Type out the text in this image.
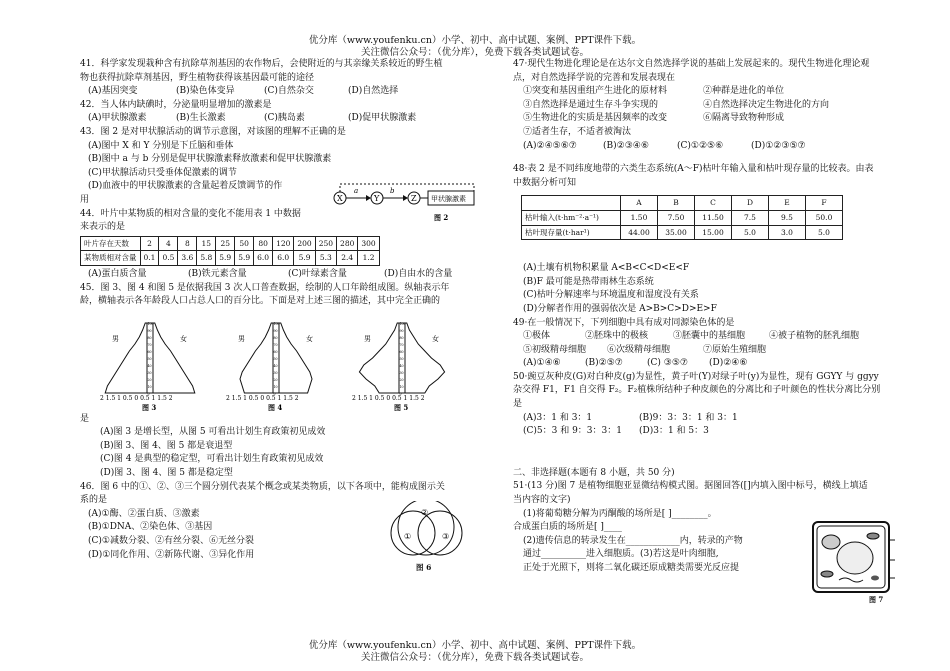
优分库（www.youfenku.cn）小学、初中、高中试题、案例、PPT课件下载。
关注微信公众号：（优分库），免费下载各类试题试卷。
41．科学家发现栽种含有抗除草剂基因的农作物后，会使附近的与其亲缘关系较近的野生植
物也获得抗除草剂基因，野生植物获得该基因最可能的途径
(A)基因突变	(B)染色体变异	(C)自然杂交	(D)自然选择
42．当人体内缺碘时，分泌量明显增加的激素是
(A)甲状腺激素	(B)生长激素	(C)胰岛素	(D)促甲状腺激素
43．图 2 是对甲状腺活动的调节示意图，对该图的理解不正确的是
(A)图中 X 和 Y 分别是下丘脑和垂体
(B)图中 a 与 b 分别是促甲状腺激素释放激素和促甲状腺激素
(C)甲状腺活动只受垂体促激素的调节
(D)血液中的甲状腺激素的含量起着反馈调节的作
用	X
a
Y
b
Z 甲状腺激素
图 2
44．叶片中某物质的相对含量的变化不能用表 1 中数据
来表示的是
叶片存在天数	2	4	8	15	25	50	80	120	200	250	280	300
某物质相对含量	0.1	0.5	3.6	5.8	5.9	5.9	6.0	6.0	5.9	5.3	2.4	1.2
(A)蛋白质含量	(B)铁元素含量	(C)叶绿素含量	(D)自由水的含量
45．图 3、图 4 和图 5 是依据我国 3 次人口普查数据，绘制的人口年龄组成图。纵轴表示年
龄，横轴表示各年龄段人口占总人口的百分比。下面是对上述三图的描述，其中完全正确的
100
90
80
70
60
50
40
30
20
10
0
男	女
2 1.5 1 0.5 0 0.5 1 1.5 2
图 3
100
90
80
70
60
50
40
30
20
10
0
男	女
2 1.5 1 0.5 0 0.5 1 1.5 2
图 4
100
90
80
70
60
50
40
30
20
10
0
男	女
2 1.5 1 0.5 0 0.5 1 1.5 2
图 5
是
(A)图 3 是增长型，从图 5 可看出计划生育政策初见成效
(B)图 3、图 4、图 5 都是衰退型
(C)图 4 是典型的稳定型，可看出计划生育政策初见成效
(D)图 3、图 4、图 5 都是稳定型
46．图 6 中的①、②、③三个圆分别代表某个概念或某类物质，以下各项中，能构成图示关
系的是
(A)①酶、②蛋白质、③激素
(B)①DNA、②染色体、③基因
(C)①减数分裂、②有丝分裂、⑥无丝分裂
(D)①同化作用、②新陈代谢、③异化作用
①
②
③
图 6
47·现代生物进化理论是在达尔文自然选择学说的基础上发展起来的。现代生物进化理论观
点，对自然选择学说的完善和发展表现在
①突变和基因重组产生进化的原材料	②种群是进化的单位
③自然选择是通过生存斗争实现的	④自然选择决定生物进化的方向
⑤生物进化的实质是基因频率的改变	⑥隔离导致物种形成
⑦适者生存，不适者被淘汰
(A)②④⑤⑥⑦	(B)②③④⑥	(C)①②⑤⑥	(D)①②③⑤⑦
48·表 2 是不同纬度地带的六类生态系统(A～F)枯叶年输入量和枯叶现存量的比较表。由表
中数据分析可知
	A	B	C	D	E	F
枯叶输入(t·hm⁻²·a⁻¹)	1.50	7.50	11.50	7.5	9.5	50.0
枯叶现存量(t·har¹)	44.00	35.00	15.00	5.0	3.0	5.0
(A)土壤有机物积累量 A<B<C<D<E<F
(B)F 最可能是热带雨林生态系统
(C)枯叶分解速率与环境温度和湿度没有关系
(D)分解者作用的强弱依次是 A>B>C>D>E>F
49·在一般情况下，下列细胞中具有成对同源染色体的是
①极体	②胚珠中的极核	③胚囊中的基细胞	④被子植物的胚乳细胞
⑤初级精母细胞	⑥次级精母细胞	⑦原始生殖细胞
(A)①④⑥	(B)②⑤⑦	(C) ③⑤⑦	(D)②④⑥
50·豌豆灰种皮(G)对白种皮(g)为显性，黄子叶(Y)对绿子叶(y)为显性，现有 GGYY 与 ggyy
杂交得 F1，F1 自交得 F₂。F₂植株所结种子种皮颜色的分离比和子叶颜色的性状分离比分别
是
(A)3：1 和 3：1	(B)9：3：3：1 和 3：1
(C)5：3 和 9：3：3：1	(D)3：1 和 5：3
二、非选择题(本题有 8 小题，共 50 分)
51·(13 分)图 7 是植物细胞亚显微结构模式图。据图回答([]内填入图中标号，横线上填适
当内容的文字)
(1)将葡萄糖分解为丙酮酸的场所是[ ]________。
合成蛋白质的场所是[ ]____
(2)遗传信息的转录发生在____________内，转录的产物
通过__________进入细胞质。(3)若这是叶肉细胞,
正处于光照下，则将二氧化碳还原成糖类需要光反应提
图 7
优分库（www.youfenku.cn）小学、初中、高中试题、案例、PPT课件下载。
关注微信公众号：（优分库），免费下载各类试题试卷。
